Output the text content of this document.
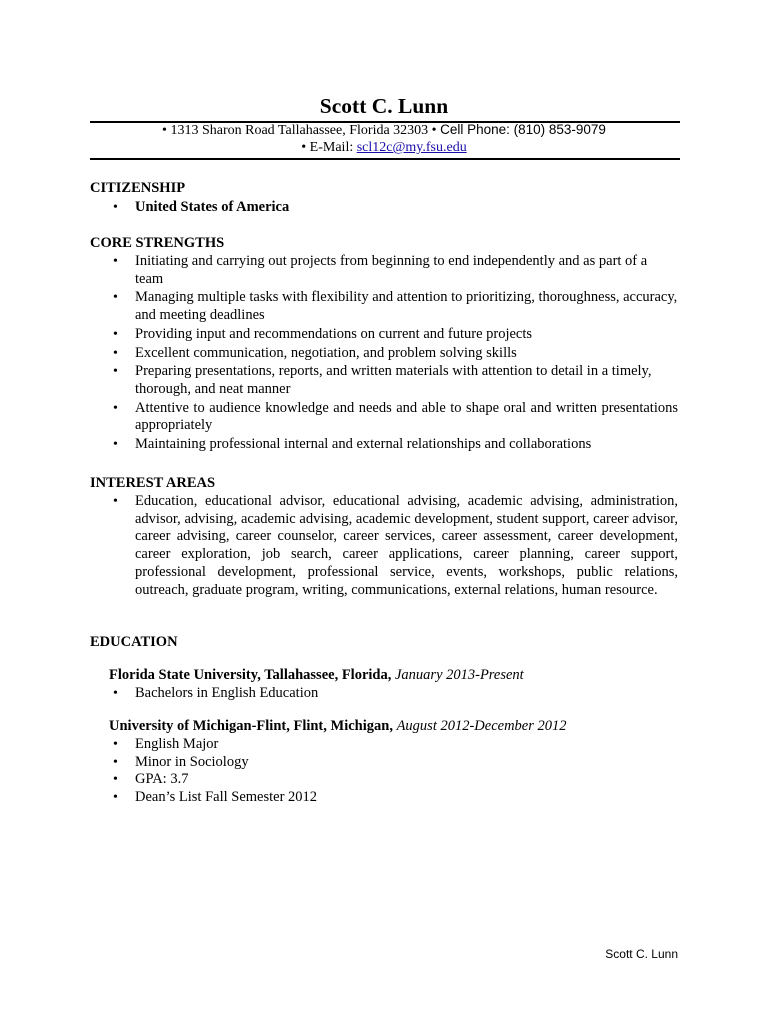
Scott C. Lunn
• 1313 Sharon Road Tallahassee, Florida 32303 • Cell Phone: (810) 853-9079
• E-Mail: scl12c@my.fsu.edu
CITIZENSHIP
• United States of America
CORE STRENGTHS
• Initiating and carrying out projects from beginning to end independently and as part of a team
• Managing multiple tasks with flexibility and attention to prioritizing, thoroughness, accuracy, and meeting deadlines
• Providing input and recommendations on current and future projects
• Excellent communication, negotiation, and problem solving skills
• Preparing presentations, reports, and written materials with attention to detail in a timely, thorough, and neat manner
• Attentive to audience knowledge and needs and able to shape oral and written presentations appropriately
• Maintaining professional internal and external relationships and collaborations
INTEREST AREAS
• Education, educational advisor, educational advising, academic advising, administration, advisor, advising, academic advising, academic development, student support, career advisor, career advising, career counselor, career services, career assessment, career development, career exploration, job search, career applications, career planning, career support, professional development, professional service, events, workshops, public relations, outreach, graduate program, writing, communications, external relations, human resource.
EDUCATION
Florida State University, Tallahassee, Florida, January 2013-Present
• Bachelors in English Education
University of Michigan-Flint, Flint, Michigan, August 2012-December 2012
• English Major
• Minor in Sociology
• GPA: 3.7
• Dean’s List Fall Semester 2012
Scott C. Lunn
